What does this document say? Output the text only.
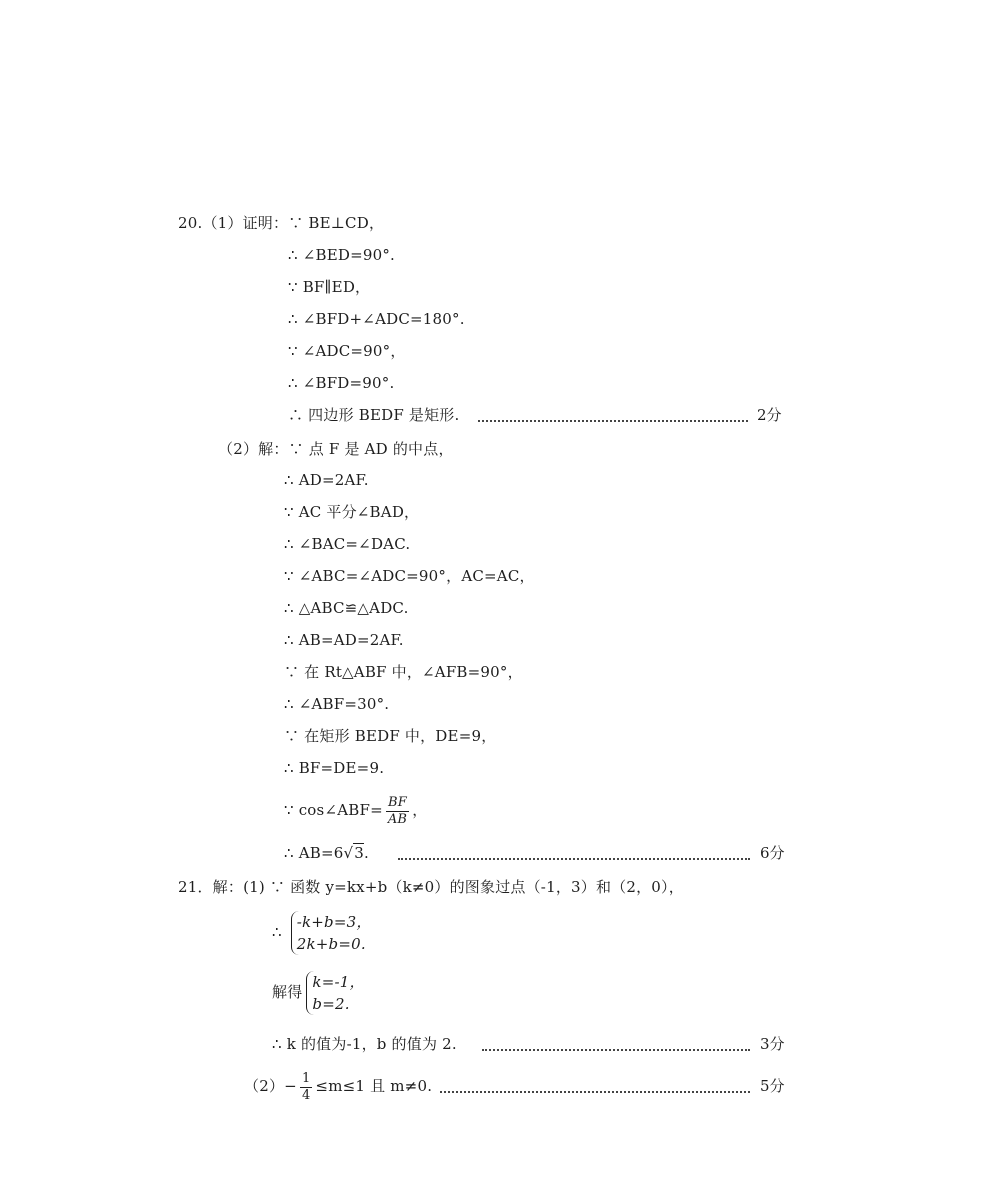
20.（1）证明：∵ BE⊥CD，
∴ ∠BED=90°.
∵ BF∥ED，
∴ ∠BFD+∠ADC=180°.
∵ ∠ADC=90°，
∴ ∠BFD=90°.
∴ 四边形 BEDF 是矩形.	2分
（2）解：∵ 点 F 是 AD 的中点，
∴ AD=2AF.
∵ AC 平分∠BAD，
∴ ∠BAC=∠DAC.
∵ ∠ABC=∠ADC=90°，AC=AC，
∴ △ABC≌△ADC.
∴ AB=AD=2AF.
∵ 在 Rt△ABF 中，∠AFB=90°，
∴ ∠ABF=30°.
∵ 在矩形 BEDF 中，DE=9，
∴ BF=DE=9.
∵ cos∠ABF= $\frac{BF}{AB}$ ，
∴ AB=6√3.	6分
21．解：(1) ∵ 函数 y=kx+b（k≠0）的图象过点（-1，3）和（2，0），
∴
-k+b=3，
2k+b=0.
解得
k=-1，
b=2.
∴ k 的值为-1，b 的值为 2.	3分
$(2)- \frac{1}{4} \le m\le 1$ 且 m≠0.	5分
